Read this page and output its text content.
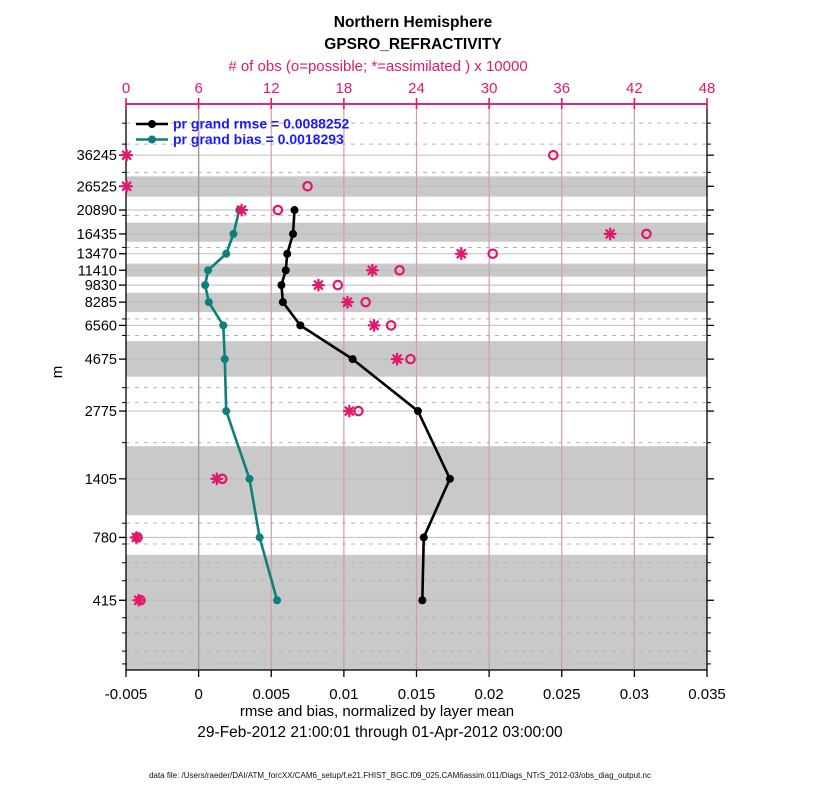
0	6	12	18	24	30	36	42	48
-0.005	0	0.005	0.01	0.015	0.02	0.025	0.03	0.035
36245
26525
20890
16435
13470
11410
9830
8285
6560
4675
2775
1405
780
415
Northern Hemisphere
GPSRO_REFRACTIVITY
# of obs (o=possible; *=assimilated ) x 10000
m
rmse and bias, normalized by layer mean
29-Feb-2012 21:00:01 through 01-Apr-2012 03:00:00
data file: /Users/raeder/DAI/ATM_forcXX/CAM6_setup/f.e21.FHIST_BGC.f09_025.CAM6assim.011/Diags_NTrS_2012-03/obs_diag_output.nc
pr grand rmse = 0.0088252
pr grand bias = 0.0018293
